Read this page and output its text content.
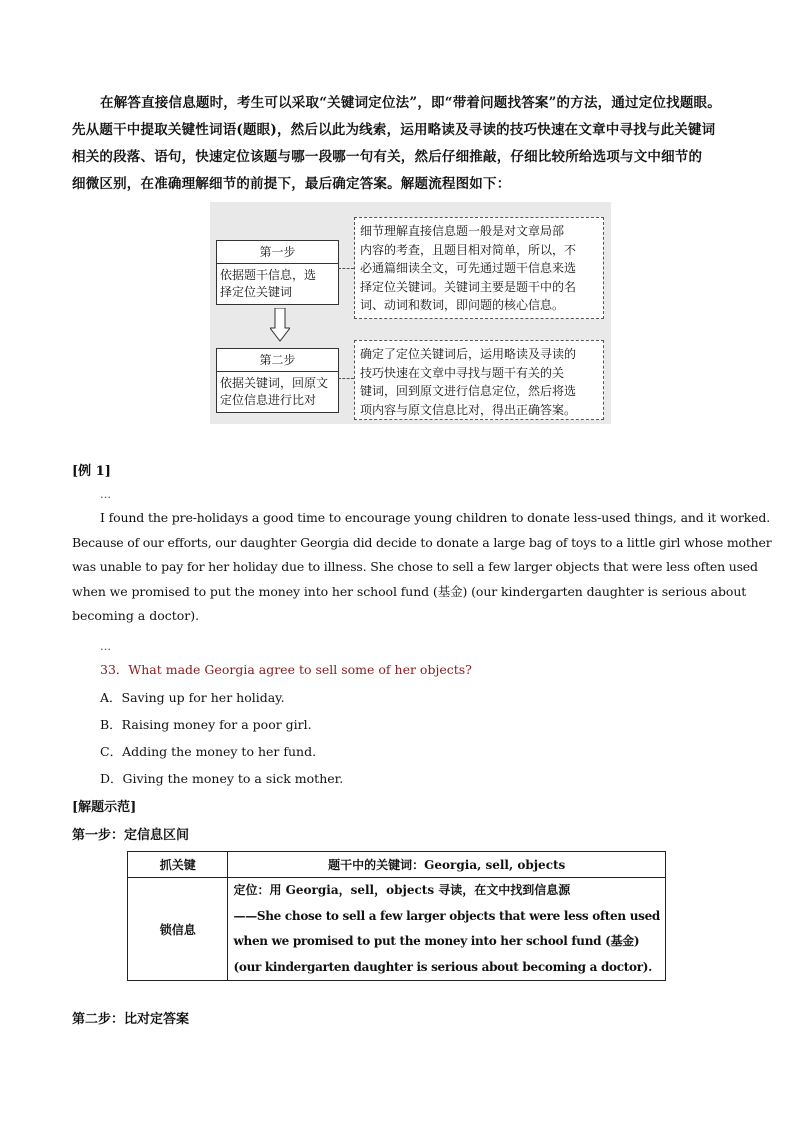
在解答直接信息题时，考生可以采取“关键词定位法”，即“带着问题找答案”的方法，通过定位找题眼。
先从题干中提取关键性词语(题眼)，然后以此为线索，运用略读及寻读的技巧快速在文章中寻找与此关键词
相关的段落、语句，快速定位该题与哪一段哪一句有关，然后仔细推敲，仔细比较所给选项与文中细节的
细微区别，在准确理解细节的前提下，最后确定答案。解题流程图如下：
第一步
依据题干信息，选
择定位关键词
细节理解直接信息题一般是对文章局部
内容的考查，且题目相对简单，所以，不
必通篇细读全文，可先通过题干信息来选
择定位关键词。关键词主要是题干中的名
词、动词和数词，即问题的核心信息。
第二步
依据关键词，回原文
定位信息进行比对
确定了定位关键词后，运用略读及寻读的
技巧快速在文章中寻找与题干有关的关
键词，回到原文进行信息定位，然后将选
项内容与原文信息比对，得出正确答案。
[例 1]
…
I found the pre-holidays a good time to encourage young children to donate less-used things, and it worked.
Because of our efforts, our daughter Georgia did decide to donate a large bag of toys to a little girl whose mother
was unable to pay for her holiday due to illness. She chose to sell a few larger objects that were less often used
when we promised to put the money into her school fund (基金) (our kindergarten daughter is serious about
becoming a doctor).
…
33．What made Georgia agree to sell some of her objects?
A．Saving up for her holiday.
B．Raising money for a poor girl.
C．Adding the money to her fund.
D．Giving the money to a sick mother.
[解题示范]
第一步：定信息区间
抓关键	题干中的关键词：Georgia, sell, objects
锁信息	定位：用 Georgia，sell，objects 寻读，在文中找到信息源
——She chose to sell a few larger objects that were less often used
when we promised to put the money into her school fund (基金)
(our kindergarten daughter is serious about becoming a doctor).
第二步：比对定答案
